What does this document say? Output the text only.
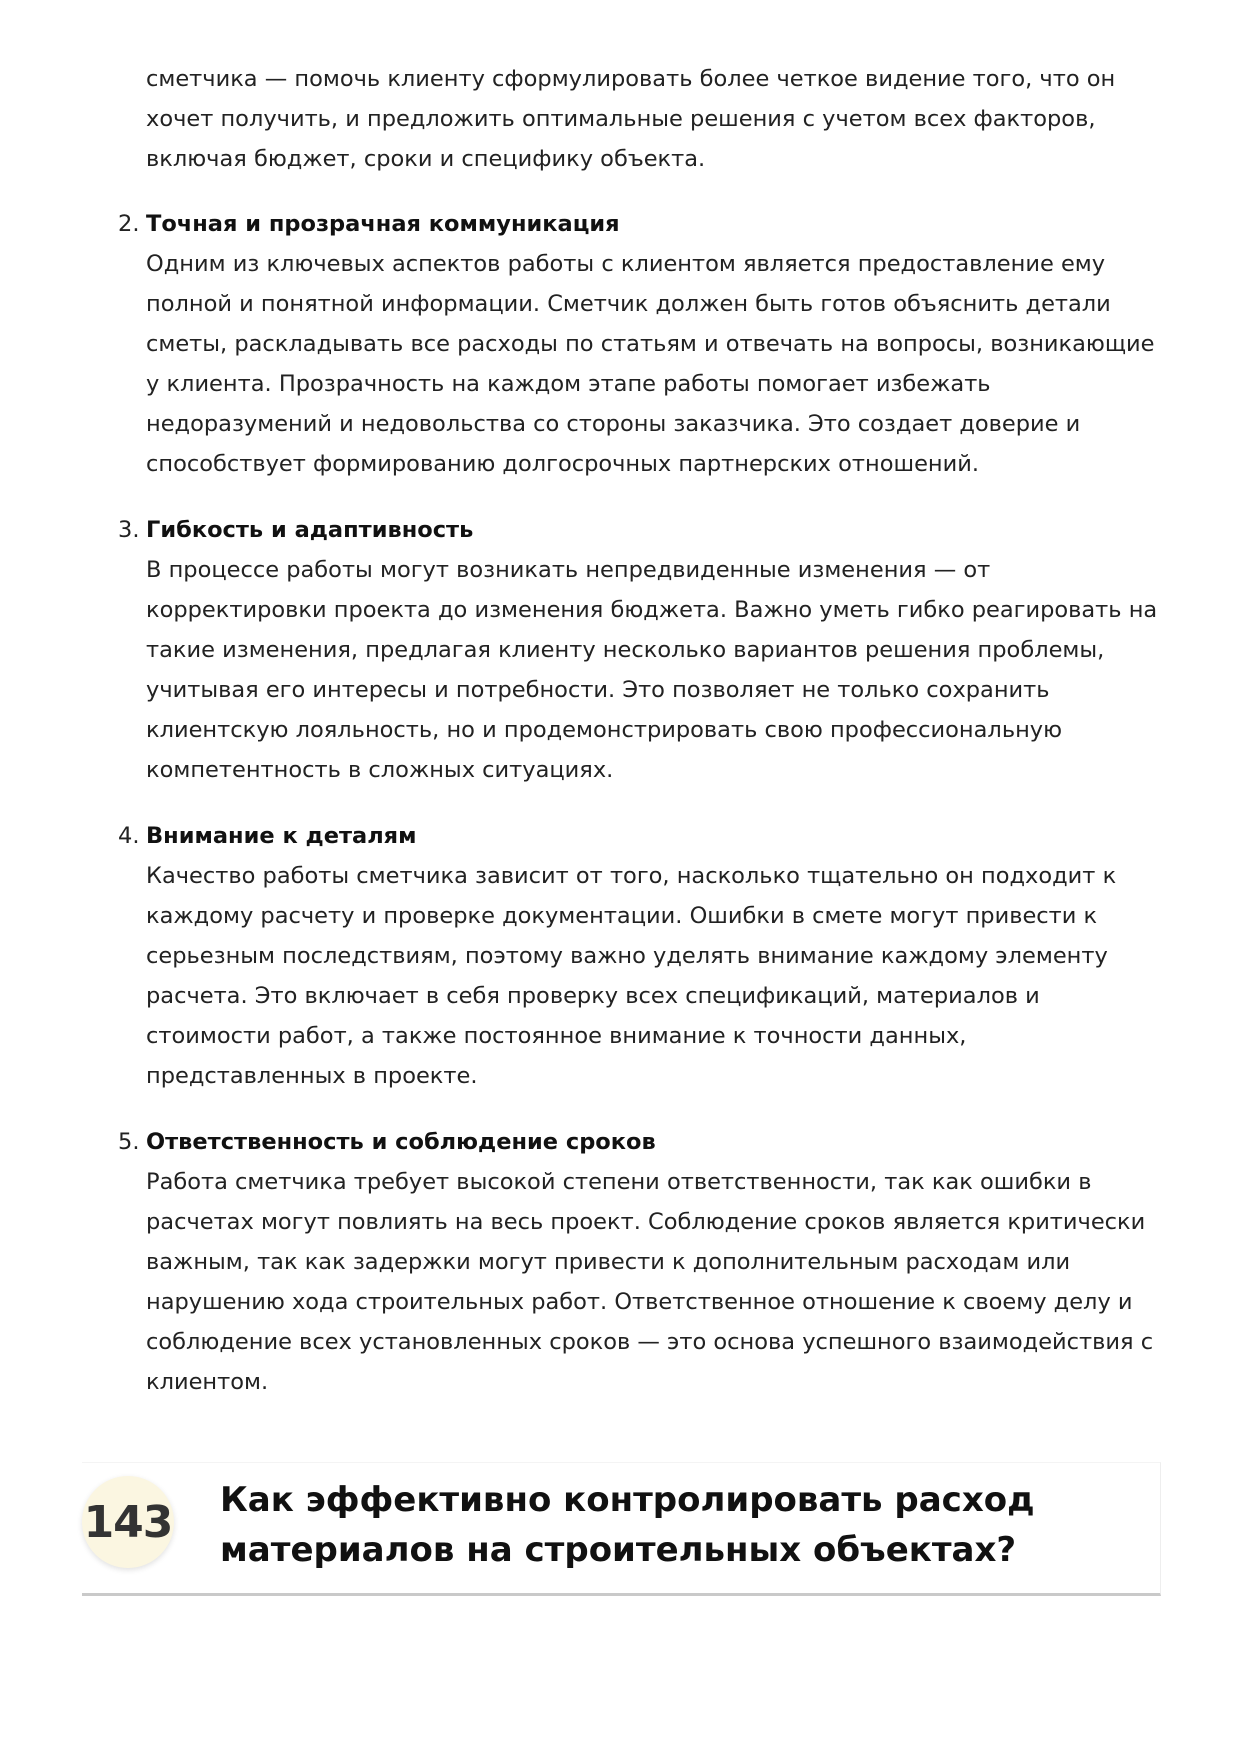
сметчика — помочь клиенту сформулировать более четкое видение того, что он хочет получить, и предложить оптимальные решения с учетом всех факторов, включая бюджет, сроки и специфику объекта.

2. Точная и прозрачная коммуникация

Одним из ключевых аспектов работы с клиентом является предоставление ему полной и понятной информации. Сметчик должен быть готов объяснить детали сметы, раскладывать все расходы по статьям и отвечать на вопросы, возникающие у клиента. Прозрачность на каждом этапе работы помогает избежать недоразумений и недовольства со стороны заказчика. Это создает доверие и способствует формированию долгосрочных партнерских отношений.

3. Гибкость и адаптивность

В процессе работы могут возникать непредвиденные изменения — от корректировки проекта до изменения бюджета. Важно уметь гибко реагировать на такие изменения, предлагая клиенту несколько вариантов решения проблемы, учитывая его интересы и потребности. Это позволяет не только сохранить клиентскую лояльность, но и продемонстрировать свою профессиональную компетентность в сложных ситуациях.

4. Внимание к деталям

Качество работы сметчика зависит от того, насколько тщательно он подходит к каждому расчету и проверке документации. Ошибки в смете могут привести к серьезным последствиям, поэтому важно уделять внимание каждому элементу расчета. Это включает в себя проверку всех спецификаций, материалов и стоимости работ, а также постоянное внимание к точности данных, представленных в проекте.

5. Ответственность и соблюдение сроков

Работа сметчика требует высокой степени ответственности, так как ошибки в расчетах могут повлиять на весь проект. Соблюдение сроков является критически важным, так как задержки могут привести к дополнительным расходам или нарушению хода строительных работ. Ответственное отношение к своему делу и соблюдение всех установленных сроков — это основа успешного взаимодействия с клиентом.

143 Как эффективно контролировать расход материалов на строительных объектах?
